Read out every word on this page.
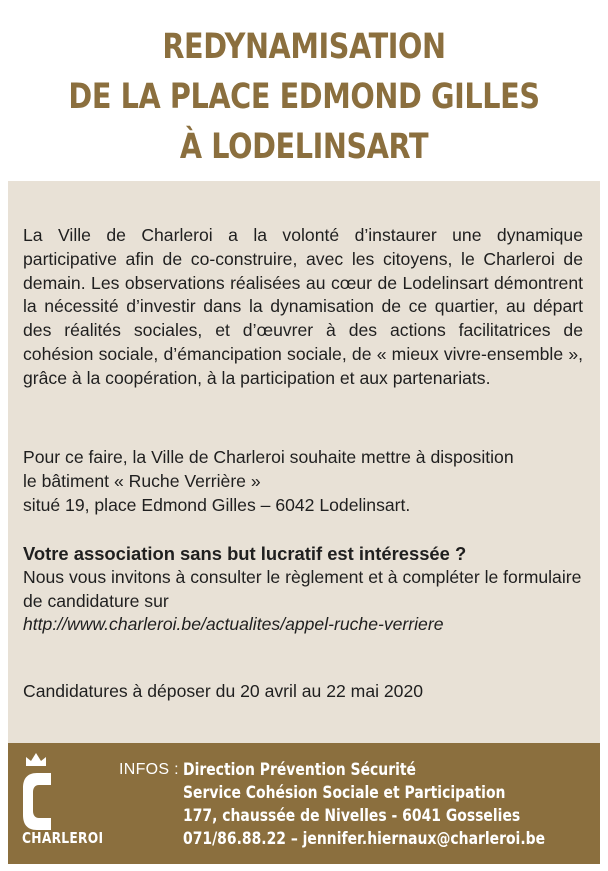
REDYNAMISATION
DE LA PLACE EDMOND GILLES
À LODELINSART
La Ville de Charleroi a la volonté d’instaurer une dynamique participative afin de co-construire, avec les citoyens, le Charleroi de demain. Les observations réalisées au cœur de Lodelinsart démontrent la nécessité d’investir dans la dynamisation de ce quartier, au départ des réalités sociales, et d’œuvrer à des actions facilitatrices de cohésion sociale, d’émancipation sociale, de « mieux vivre-ensemble », grâce à la coopération, à la participation et aux partenariats.
Pour ce faire, la Ville de Charleroi souhaite mettre à disposition
le bâtiment « Ruche Verrière »
situé 19, place Edmond Gilles – 6042 Lodelinsart.
Votre association sans but lucratif est intéressée ?
Nous vous invitons à consulter le règlement et à compléter le formulaire de candidature sur
http://www.charleroi.be/actualites/appel-ruche-verriere
Candidatures à déposer du 20 avril au 22 mai 2020
CHARLEROI
INFOS : Direction Prévention Sécurité
Service Cohésion Sociale et Participation
177, chaussée de Nivelles - 6041 Gosselies
071/86.88.22 – jennifer.hiernaux@charleroi.be
